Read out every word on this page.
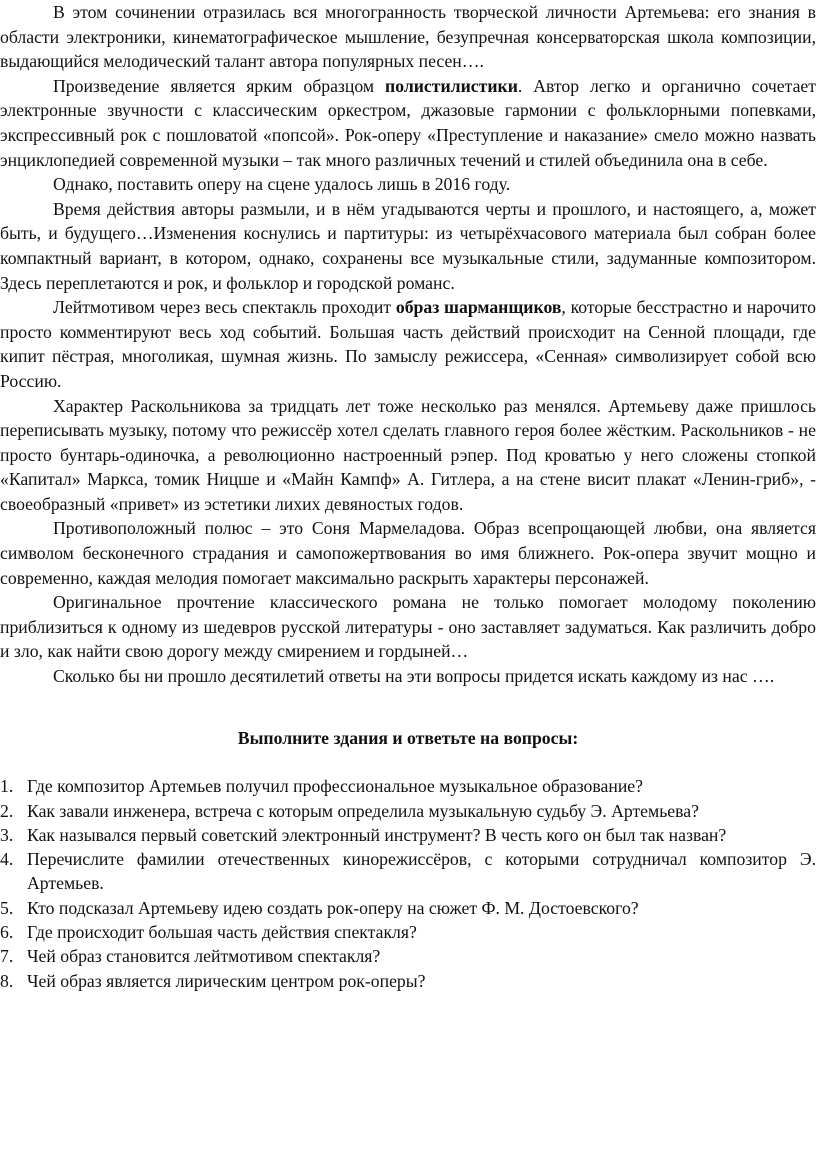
В этом сочинении отразилась вся многогранность творческой личности Артемьева: его знания в области электроники, кинематографическое мышление, безупречная консерваторская школа композиции, выдающийся мелодический талант автора популярных песен….

Произведение является ярким образцом полистилистики. Автор легко и органично сочетает электронные звучности с классическим оркестром, джазовые гармонии с фольклорными попевками, экспрессивный рок с пошловатой «попсой». Рок-оперу «Преступление и наказание» смело можно назвать энциклопедией современной музыки – так много различных течений и стилей объединила она в себе.

Однако, поставить оперу на сцене удалось лишь в 2016 году.

Время действия авторы размыли, и в нём угадываются черты и прошлого, и настоящего, а, может быть, и будущего…Изменения коснулись и партитуры: из четырёхчасового материала был собран более компактный вариант, в котором, однако, сохранены все музыкальные стили, задуманные композитором. Здесь переплетаются и рок, и фольклор и городской романс.

Лейтмотивом через весь спектакль проходит образ шарманщиков, которые бесстрастно и нарочито просто комментируют весь ход событий. Большая часть действий происходит на Сенной площади, где кипит пёстрая, многоликая, шумная жизнь. По замыслу режиссера, «Сенная» символизирует собой всю Россию.

Характер Раскольникова за тридцать лет тоже несколько раз менялся. Артемьеву даже пришлось переписывать музыку, потому что режиссёр хотел сделать главного героя более жёстким. Раскольников - не просто бунтарь-одиночка, а революционно настроенный рэпер. Под кроватью у него сложены стопкой «Капитал» Маркса, томик Ницше и «Майн Кампф» А. Гитлера, а на стене висит плакат «Ленин-гриб», - своеобразный «привет» из эстетики лихих девяностых годов.

Противоположный полюс – это Соня Мармеладова. Образ всепрощающей любви, она является символом бесконечного страдания и самопожертвования во имя ближнего. Рок-опера звучит мощно и современно, каждая мелодия помогает максимально раскрыть характеры персонажей.

Оригинальное прочтение классического романа не только помогает молодому поколению приблизиться к одному из шедевров русской литературы - оно заставляет задуматься. Как различить добро и зло, как найти свою дорогу между смирением и гордыней…

Сколько бы ни прошло десятилетий ответы на эти вопросы придется искать каждому из нас ….

Выполните здания и ответьте на вопросы:

1. Где композитор Артемьев получил профессиональное музыкальное образование?
2. Как завали инженера, встреча с которым определила музыкальную судьбу Э. Артемьева?
3. Как назывался первый советский электронный инструмент? В честь кого он был так назван?
4. Перечислите фамилии отечественных кинорежиссёров, с которыми сотрудничал композитор Э. Артемьев.
5. Кто подсказал Артемьеву идею создать рок-оперу на сюжет Ф. М. Достоевского?
6. Где происходит большая часть действия спектакля?
7. Чей образ становится лейтмотивом спектакля?
8. Чей образ является лирическим центром рок-оперы?
